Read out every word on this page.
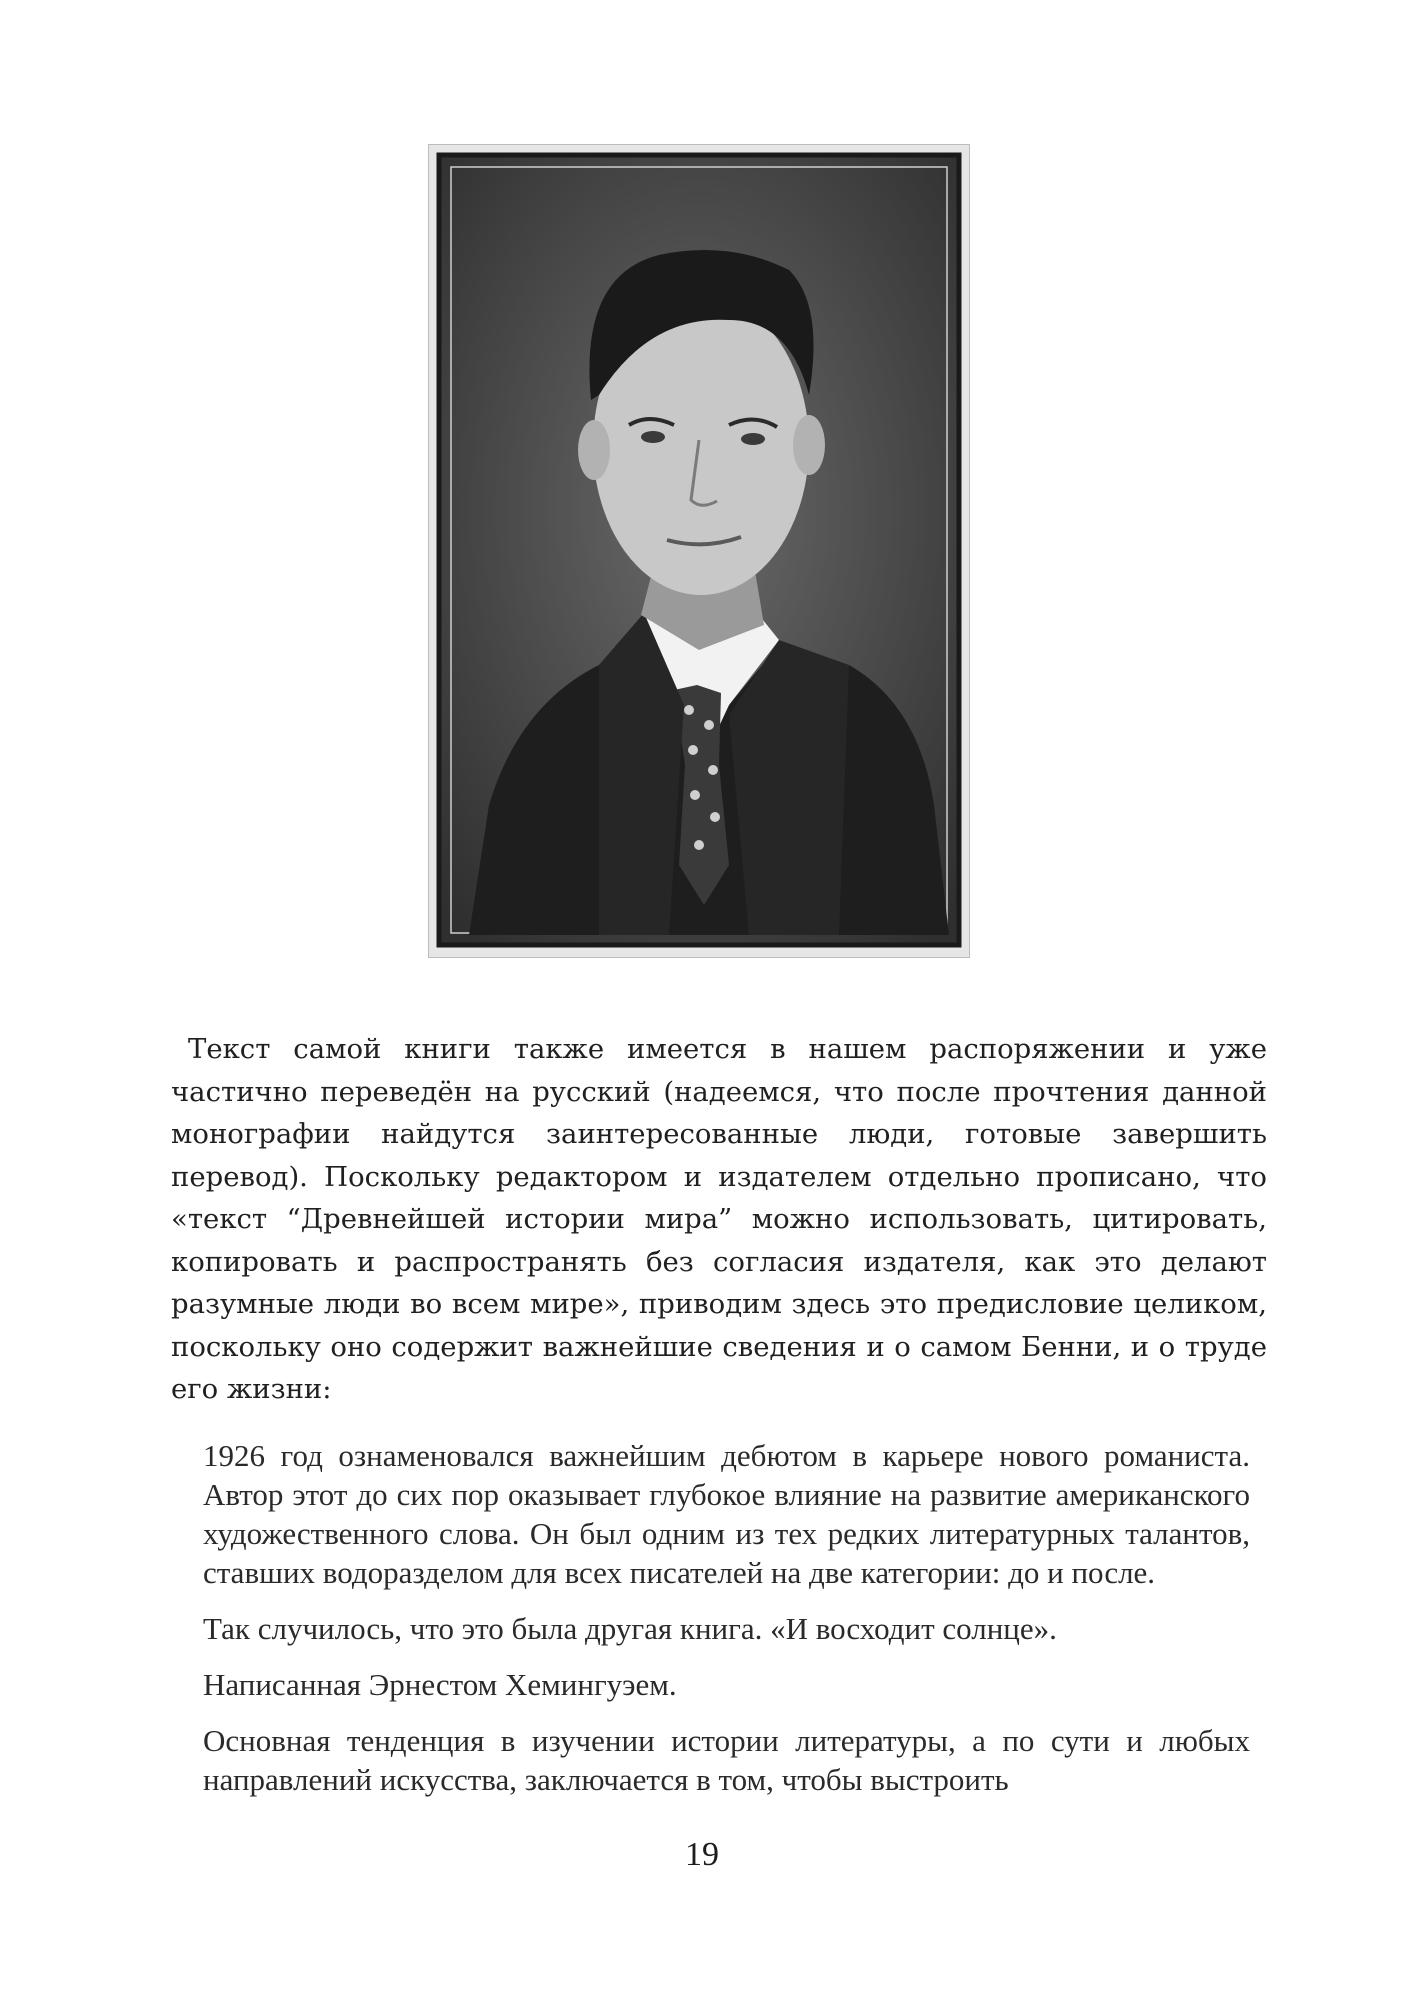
Текст самой книги также имеется в нашем распоряжении и уже частично переведён на русский (надеемся, что после прочтения данной монографии найдутся заинтересованные люди, готовые завершить перевод). Поскольку редактором и издателем отдельно прописано, что «текст “Древнейшей истории мира” можно использовать, цитировать, копировать и распространять без согласия издателя, как это делают разумные люди во всем мире», приводим здесь это предисловие целиком, поскольку оно содержит важнейшие сведения и о самом Бенни, и о труде его жизни:

1926 год ознаменовался важнейшим дебютом в карьере нового романиста. Автор этот до сих пор оказывает глубокое влияние на развитие американского художественного слова. Он был одним из тех редких литературных талантов, ставших водоразделом для всех писателей на две категории: до и после.

Так случилось, что это была другая книга. «И восходит солнце».

Написанная Эрнестом Хемингуэем.

Основная тенденция в изучении истории литературы, а по сути и любых направлений искусства, заключается в том, чтобы выстроить

19
